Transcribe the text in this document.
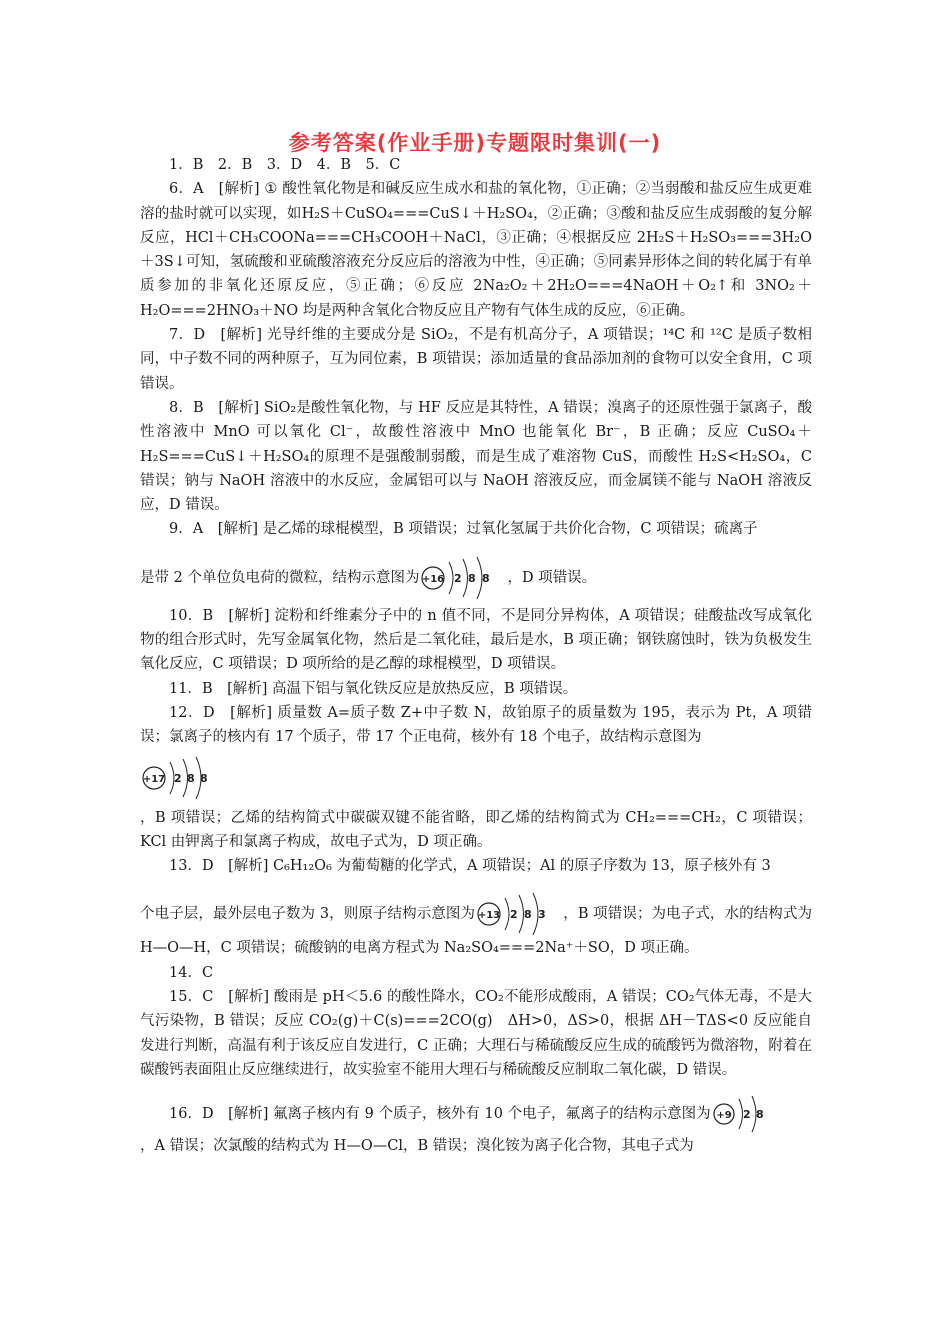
参考答案(作业手册)专题限时集训(一)

1．B　2．B　3．D　4．B　5．C

6．A　[解析] ① 酸性氧化物是和碱反应生成水和盐的氧化物，①正确；②当弱酸和盐反应生成更难溶的盐时就可以实现，如H₂S＋CuSO₄===CuS↓＋H₂SO₄，②正确；③酸和盐反应生成弱酸的复分解反应，HCl＋CH₃COONa===CH₃COOH＋NaCl，③正确；④根据反应 2H₂S＋H₂SO₃===3H₂O＋3S↓可知，氢硫酸和亚硫酸溶液充分反应后的溶液为中性，④正确；⑤同素异形体之间的转化属于有单质参加的非氧化还原反应，⑤正确；⑥反应 2Na₂O₂＋2H₂O===4NaOH＋O₂↑和 3NO₂＋H₂O===2HNO₃＋NO 均是两种含氧化合物反应且产物有气体生成的反应，⑥正确。

7．D　[解析] 光导纤维的主要成分是 SiO₂，不是有机高分子，A 项错误；¹⁴C 和 ¹²C 是质子数相同，中子数不同的两种原子，互为同位素，B 项错误；添加适量的食品添加剂的食物可以安全食用，C 项错误。

8．B　[解析] SiO₂是酸性氧化物，与 HF 反应是其特性，A 错误；溴离子的还原性强于氯离子，酸性溶液中 MnO 可以氧化 Cl⁻，故酸性溶液中 MnO 也能氧化 Br⁻，B 正确；反应 CuSO₄＋H₂S===CuS↓＋H₂SO₄的原理不是强酸制弱酸，而是生成了难溶物 CuS，而酸性 H₂S<H₂SO₄，C 错误；钠与 NaOH 溶液中的水反应，金属铝可以与 NaOH 溶液反应，而金属镁不能与 NaOH 溶液反应，D 错误。

9．A　[解析] 是乙烯的球棍模型，B 项错误；过氧化氢属于共价化合物，C 项错误；硫离子

是带 2 个单位负电荷的微粒，结构示意图为 +16 2 8 8 ，D 项错误。

10．B　[解析] 淀粉和纤维素分子中的 n 值不同，不是同分异构体，A 项错误；硅酸盐改写成氧化物的组合形式时，先写金属氧化物，然后是二氧化硅，最后是水，B 项正确；钢铁腐蚀时，铁为负极发生氧化反应，C 项错误；D 项所给的是乙醇的球棍模型，D 项错误。

11．B　[解析] 高温下铝与氧化铁反应是放热反应，B 项错误。

12．D　[解析] 质量数 A=质子数 Z+中子数 N，故铂原子的质量数为 195，表示为 Pt，A 项错误；氯离子的核内有 17 个质子，带 17 个正电荷，核外有 18 个电子，故结构示意图为

+17 2 8 8

，B 项错误；乙烯的结构简式中碳碳双键不能省略，即乙烯的结构简式为 CH₂===CH₂，C 项错误；KCl 由钾离子和氯离子构成，故电子式为，D 项正确。

13．D　[解析] C₆H₁₂O₆ 为葡萄糖的化学式，A 项错误；Al 的原子序数为 13，原子核外有 3

个电子层，最外层电子数为 3，则原子结构示意图为 +13 2 8 3 ，B 项错误；为电子式，水的结构式为 H—O—H，C 项错误；硫酸钠的电离方程式为 Na₂SO₄===2Na⁺＋SO，D 项正确。

14．C

15．C　[解析] 酸雨是 pH＜5.6 的酸性降水，CO₂不能形成酸雨，A 错误；CO₂气体无毒，不是大气污染物，B 错误；反应 CO₂(g)＋C(s)===2CO(g)　ΔH>0，ΔS>0，根据 ΔH－TΔS<0 反应能自发进行判断，高温有利于该反应自发进行，C 正确；大理石与稀硫酸反应生成的硫酸钙为微溶物，附着在碳酸钙表面阻止反应继续进行，故实验室不能用大理石与稀硫酸反应制取二氧化碳，D 错误。

16．D　[解析] 氟离子核内有 9 个质子，核外有 10 个电子，氟离子的结构示意图为 +9 2 8

，A 错误；次氯酸的结构式为 H—O—Cl，B 错误；溴化铵为离子化合物，其电子式为
